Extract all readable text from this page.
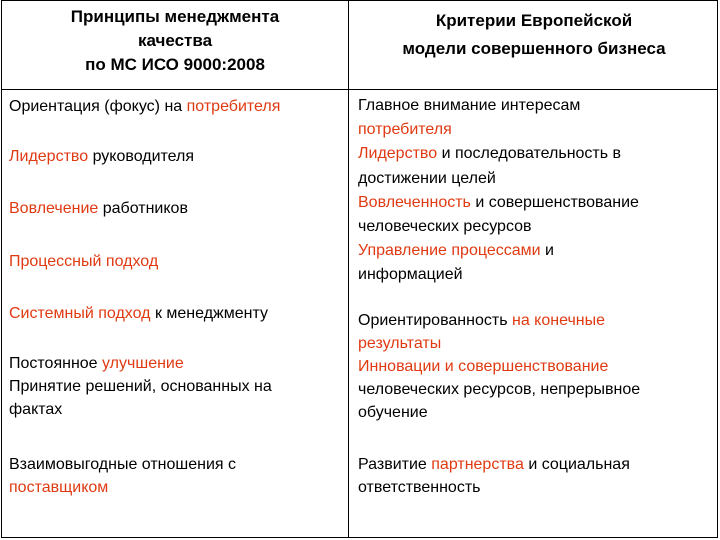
Принципы менеджмента
качества
по МС ИСО 9000:2008
Критерии Европейской
модели совершенного бизнеса
Ориентация (фокус) на потребителя
Лидерство руководителя
Вовлечение работников
Процессный подход
Системный подход к менеджменту
Постоянное улучшение
Принятие решений, основанных на
фактах
Взаимовыгодные отношения с
поставщиком
Главное внимание интересам
потребителя
Лидерство и последовательность в
достижении целей
Вовлеченность и совершенствование
человеческих ресурсов
Управление процессами и
информацией
Ориентированность на конечные
результаты
Инновации и совершенствование
человеческих ресурсов, непрерывное
обучение
Развитие партнерства и социальная
ответственность
